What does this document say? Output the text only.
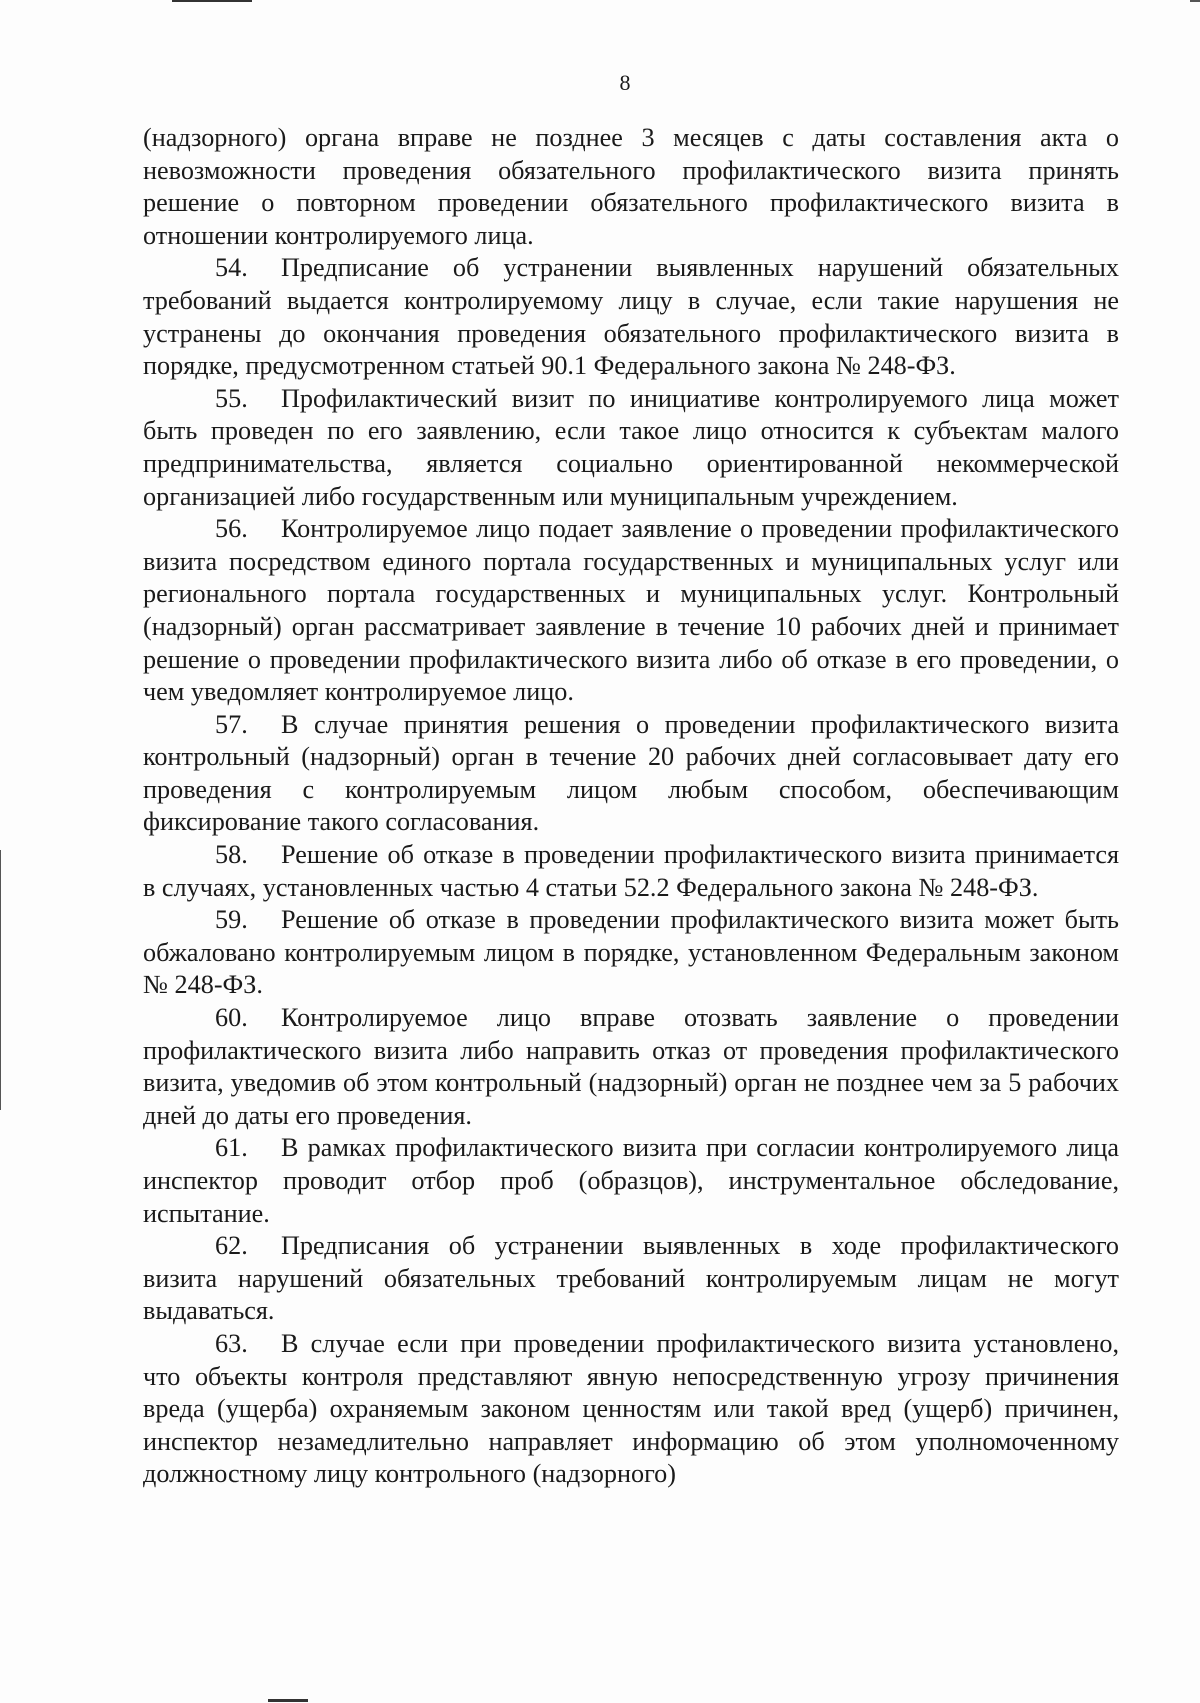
8

(надзорного) органа вправе не позднее 3 месяцев с даты составления акта о невозможности проведения обязательного профилактического визита принять решение о повторном проведении обязательного профилактического визита в отношении контролируемого лица.

54. Предписание об устранении выявленных нарушений обязательных требований выдается контролируемому лицу в случае, если такие нарушения не устранены до окончания проведения обязательного профилактического визита в порядке, предусмотренном статьей 90.1 Федерального закона № 248-ФЗ.

55. Профилактический визит по инициативе контролируемого лица может быть проведен по его заявлению, если такое лицо относится к субъектам малого предпринимательства, является социально ориентированной некоммерческой организацией либо государственным или муниципальным учреждением.

56. Контролируемое лицо подает заявление о проведении профилактического визита посредством единого портала государственных и муниципальных услуг или регионального портала государственных и муниципальных услуг. Контрольный (надзорный) орган рассматривает заявление в течение 10 рабочих дней и принимает решение о проведении профилактического визита либо об отказе в его проведении, о чем уведомляет контролируемое лицо.

57. В случае принятия решения о проведении профилактического визита контрольный (надзорный) орган в течение 20 рабочих дней согласовывает дату его проведения с контролируемым лицом любым способом, обеспечивающим фиксирование такого согласования.

58. Решение об отказе в проведении профилактического визита принимается в случаях, установленных частью 4 статьи 52.2 Федерального закона № 248-ФЗ.

59. Решение об отказе в проведении профилактического визита может быть обжаловано контролируемым лицом в порядке, установленном Федеральным законом № 248-ФЗ.

60. Контролируемое лицо вправе отозвать заявление о проведении профилактического визита либо направить отказ от проведения профилактического визита, уведомив об этом контрольный (надзорный) орган не позднее чем за 5 рабочих дней до даты его проведения.

61. В рамках профилактического визита при согласии контролируемого лица инспектор проводит отбор проб (образцов), инструментальное обследование, испытание.

62. Предписания об устранении выявленных в ходе профилактического визита нарушений обязательных требований контролируемым лицам не могут выдаваться.

63. В случае если при проведении профилактического визита установлено, что объекты контроля представляют явную непосредственную угрозу причинения вреда (ущерба) охраняемым законом ценностям или такой вред (ущерб) причинен, инспектор незамедлительно направляет информацию об этом уполномоченному должностному лицу контрольного (надзорного)
